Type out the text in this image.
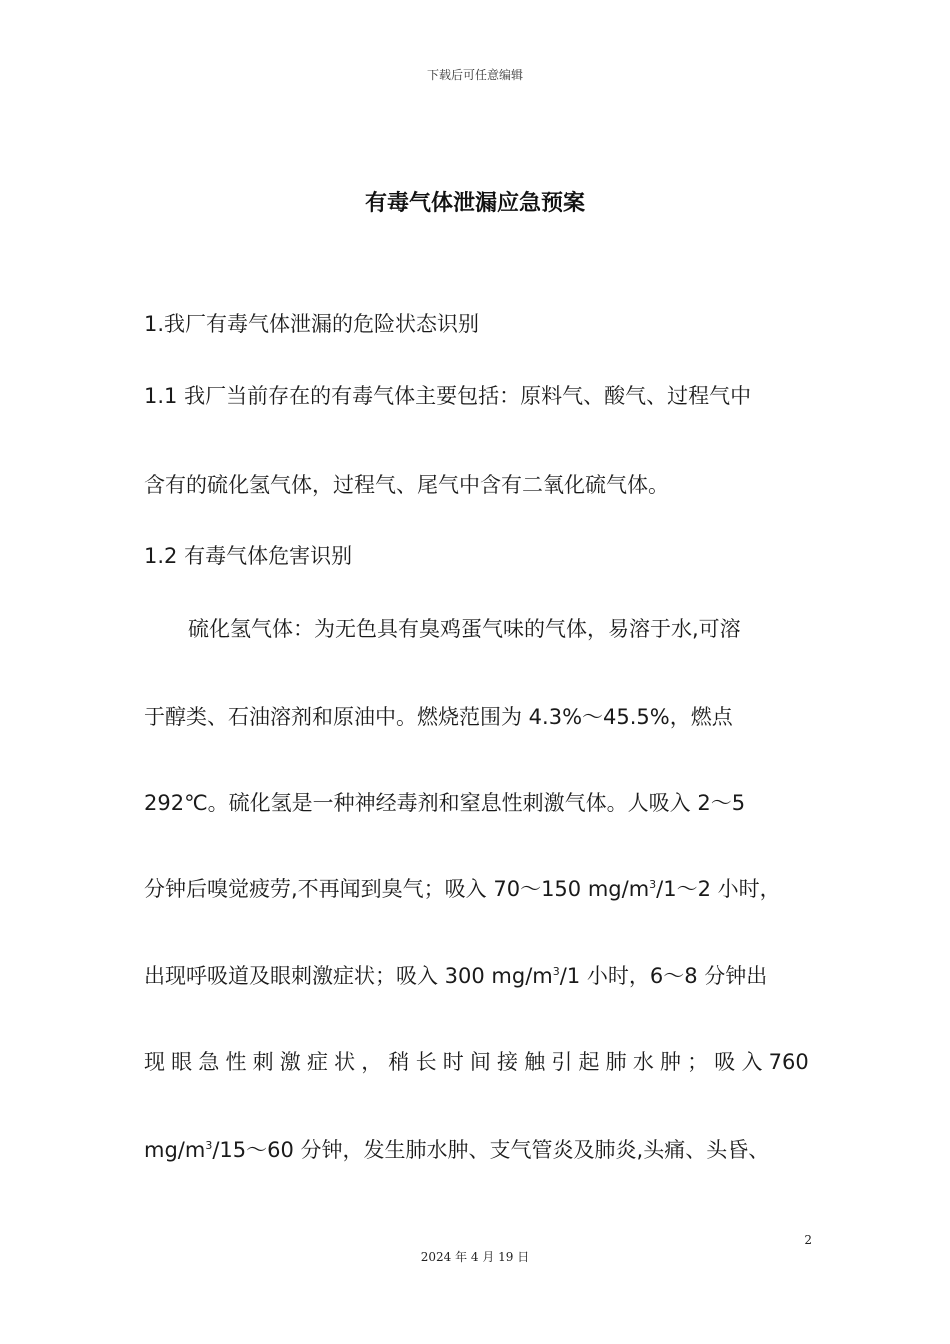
下载后可任意编辑
有毒气体泄漏应急预案
1.我厂有毒气体泄漏的危险状态识别
1.1 我厂当前存在的有毒气体主要包括：原料气、酸气、过程气中
含有的硫化氢气体，过程气、尾气中含有二氧化硫气体。
1.2 有毒气体危害识别
硫化氢气体：为无色具有臭鸡蛋气味的气体，易溶于水,可溶
于醇类、石油溶剂和原油中。燃烧范围为 4.3%～45.5%，燃点
292℃。硫化氢是一种神经毒剂和窒息性刺激气体。人吸入 2～5
分钟后嗅觉疲劳,不再闻到臭气；吸入 70～150 $mg/m^3/1\sim 2$ 小时，
出现呼吸道及眼刺激症状；吸入 300 $mg/m^3/1$ 小时，6～8 分钟出
现 眼 急 性 刺 激 症 状 ， 稍 长 时 间 接 触 引 起 肺 水 肿 ； 吸 入 760
$mg/m^3/15\sim 60$ 分钟，发生肺水肿、支气管炎及肺炎,头痛、头昏、
2
2024 年 4 月 19 日
